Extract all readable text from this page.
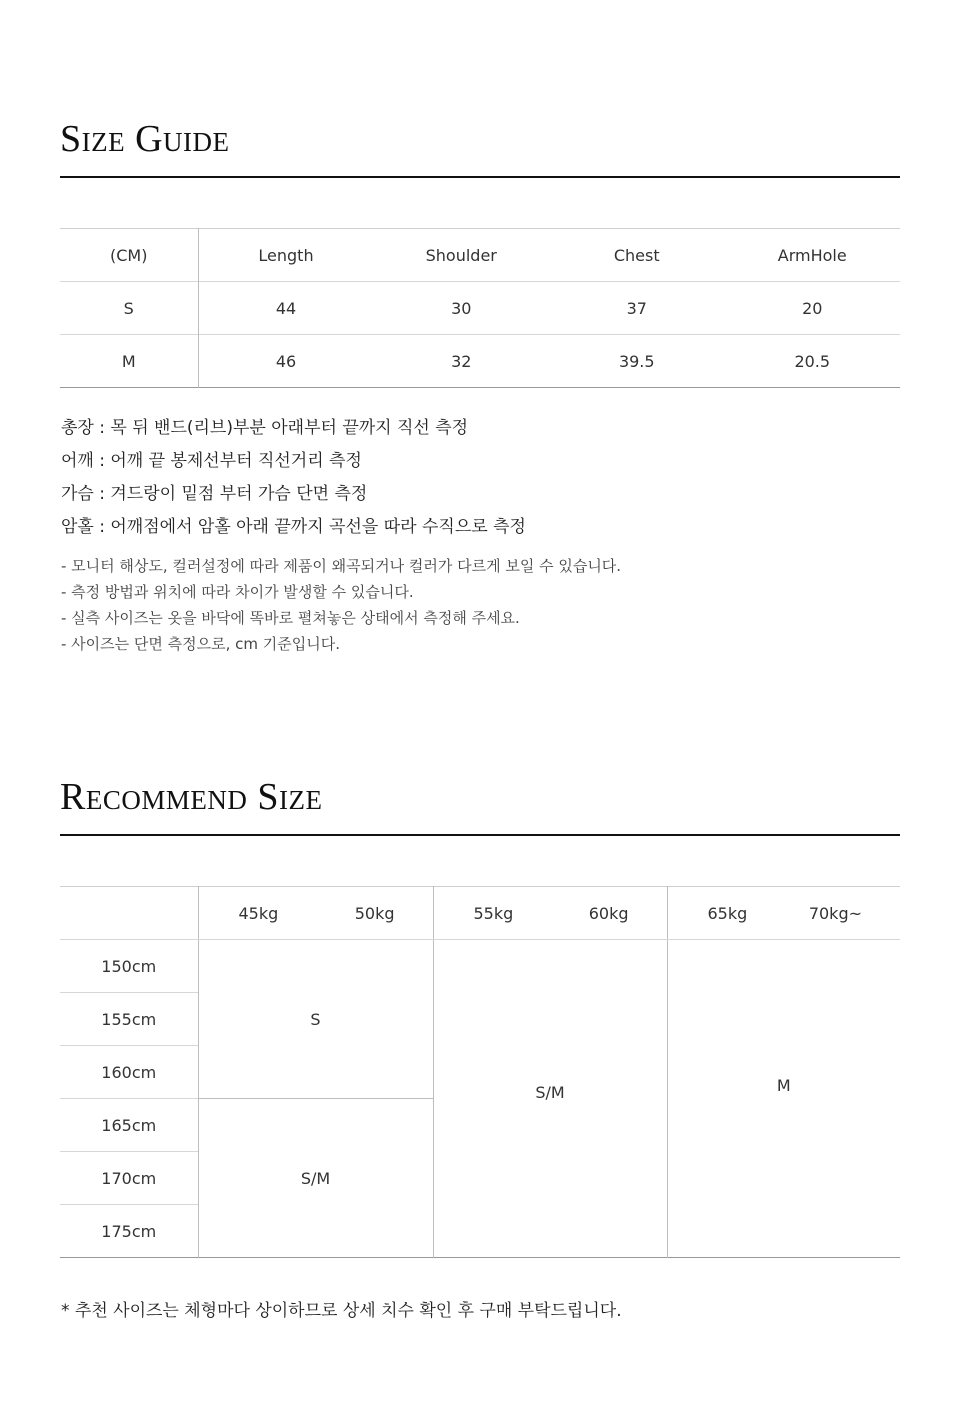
Size Guide
(CM)	Length	Shoulder	Chest	ArmHole
S	44	30	37	20
M	46	32	39.5	20.5
총장 : 목 뒤 밴드(리브)부분 아래부터 끝까지 직선 측정
어깨 : 어깨 끝 봉제선부터 직선거리 측정
가슴 : 겨드랑이 밑점 부터 가슴 단면 측정
암홀 : 어깨점에서 암홀 아래 끝까지 곡선을 따라 수직으로 측정
- 모니터 해상도, 컬러설정에 따라 제품이 왜곡되거나 컬러가 다르게 보일 수 있습니다.
- 측정 방법과 위치에 따라 차이가 발생할 수 있습니다.
- 실측 사이즈는 옷을 바닥에 똑바로 펼쳐놓은 상태에서 측정해 주세요.
- 사이즈는 단면 측정으로, cm 기준입니다.
Recommend Size

	45kg 50kg	55kg 60kg	65kg 70kg~

150cm	S	S/M	M
155cm			
160cm			
165cm	S/M		
170cm			
175cm			
* 추천 사이즈는 체형마다 상이하므로 상세 치수 확인 후 구매 부탁드립니다.
